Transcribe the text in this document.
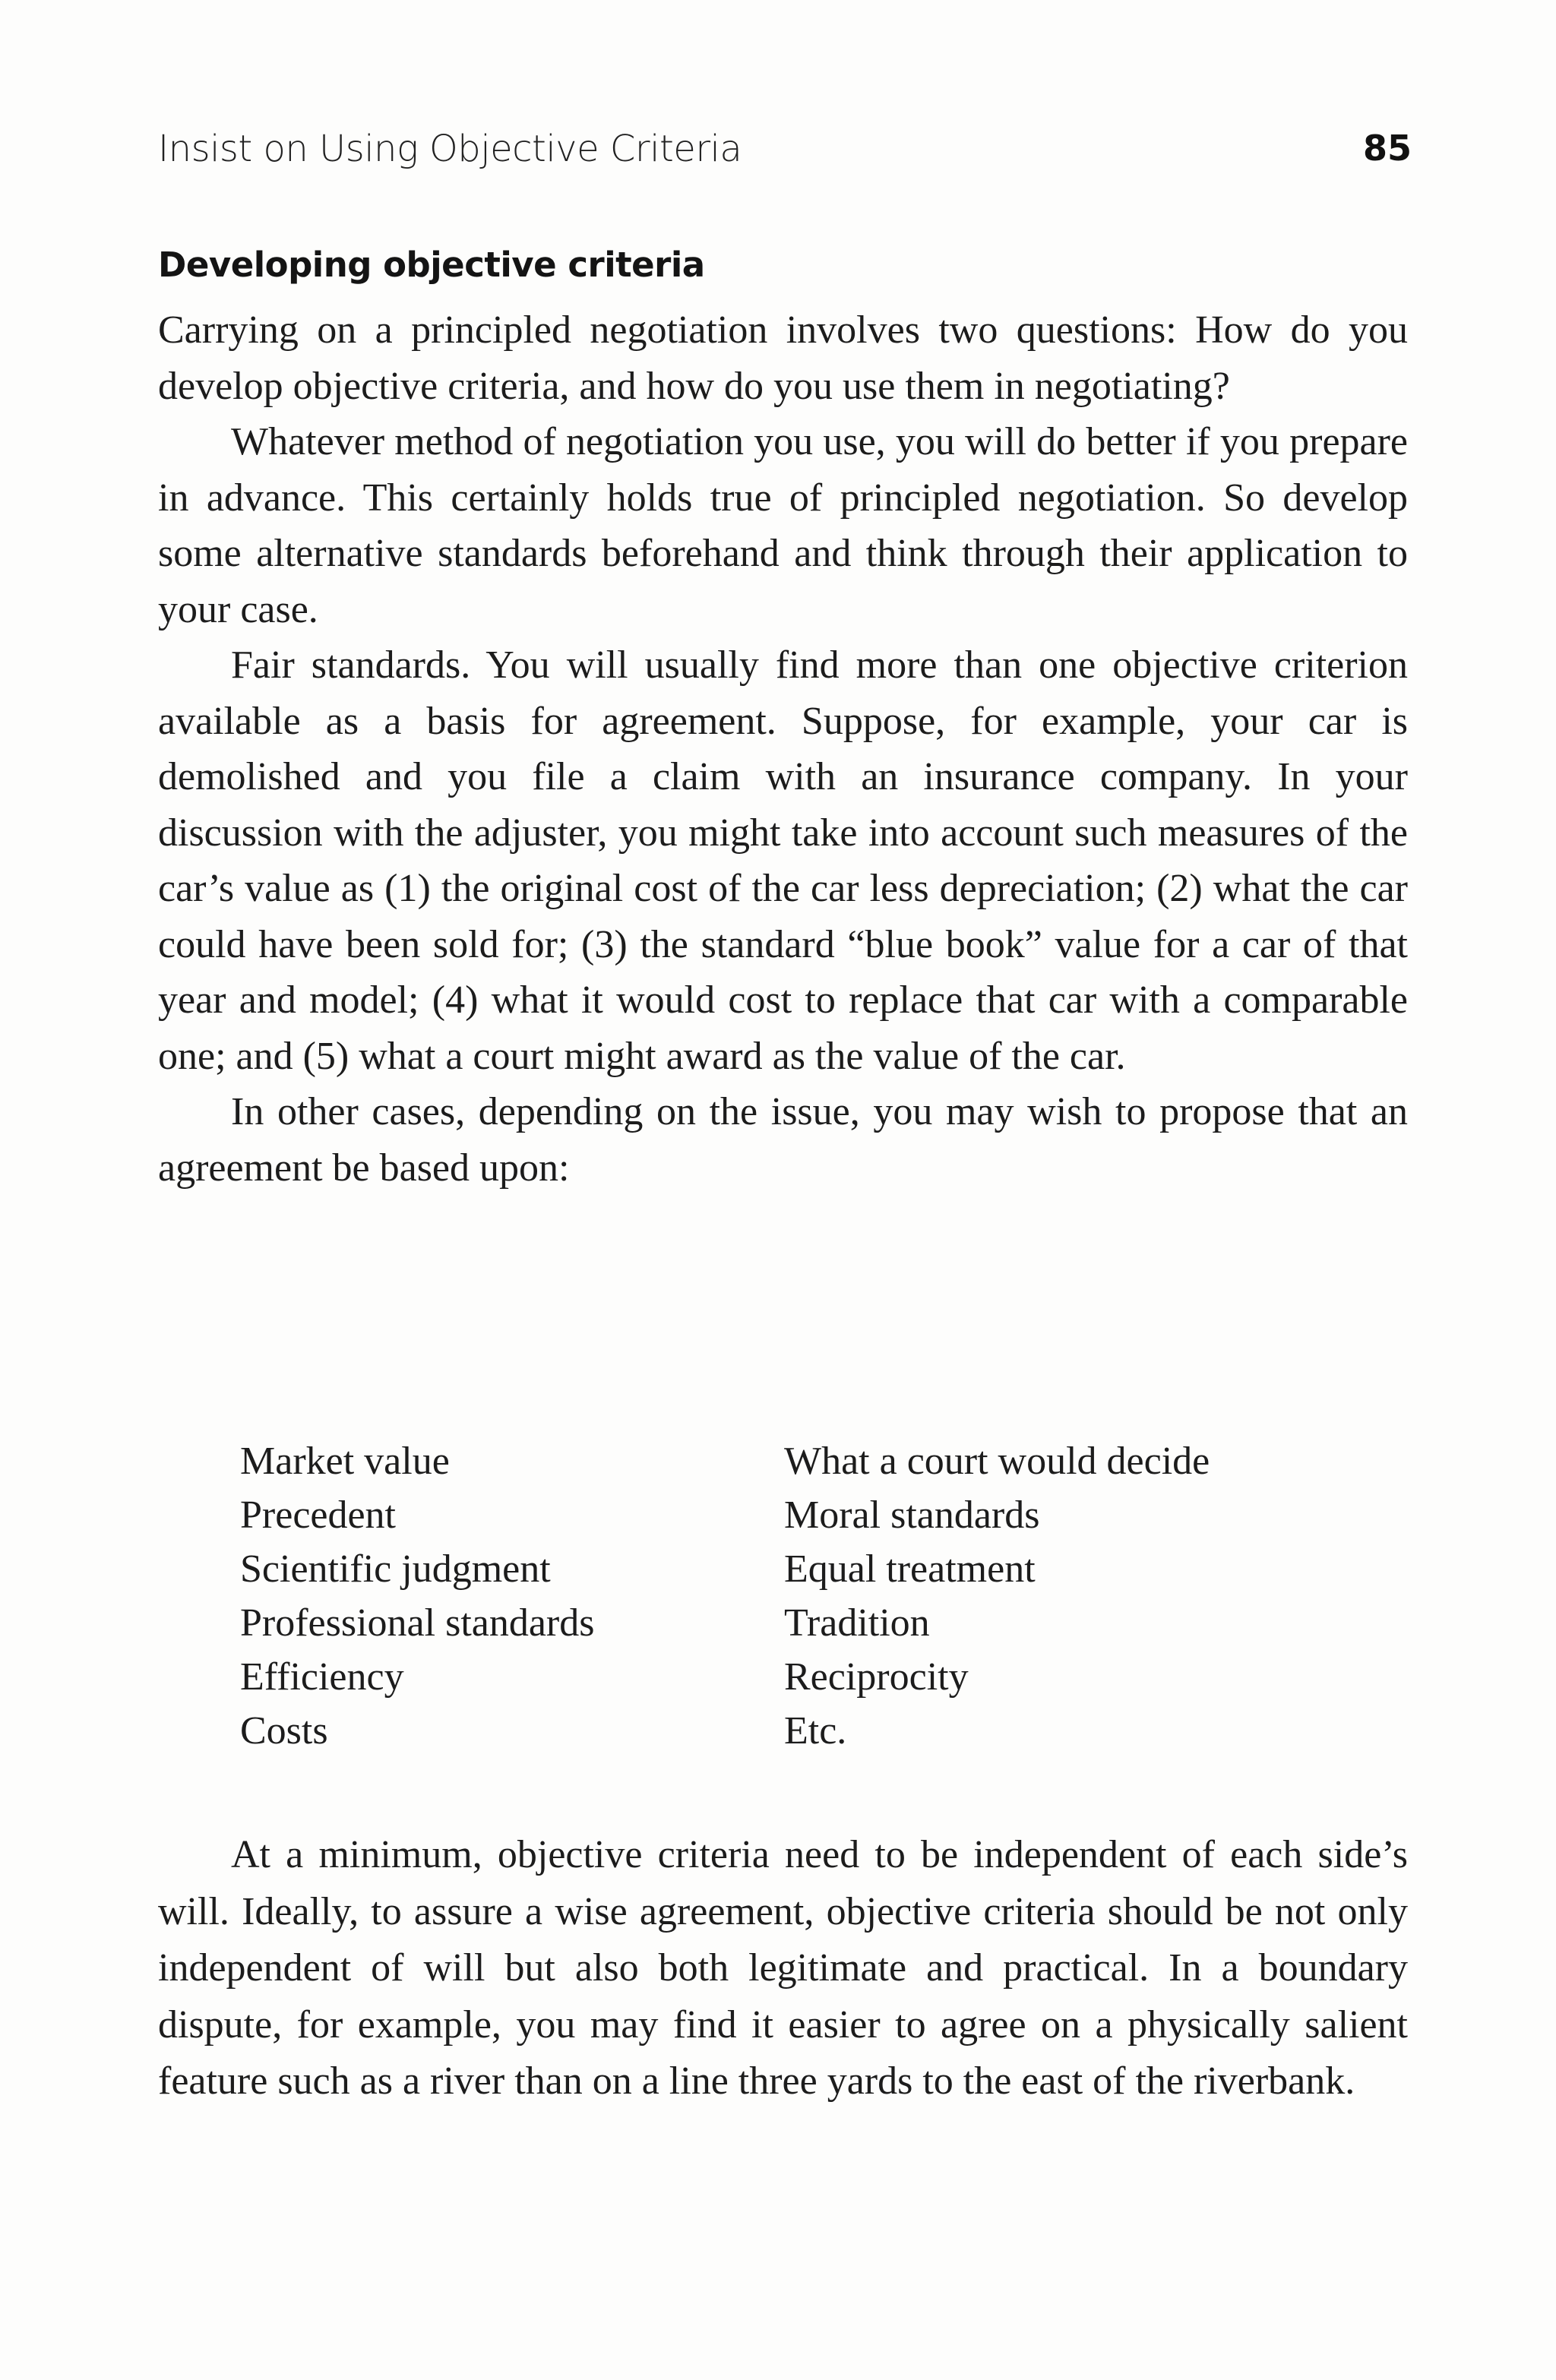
Insist on Using Objective Criteria	85
Developing objective criteria

Carrying on a principled negotiation involves two questions: How do you develop objective criteria, and how do you use them in negotiating?

Whatever method of negotiation you use, you will do better if you prepare in advance. This certainly holds true of principled negotiation. So develop some alternative standards beforehand and think through their application to your case.

Fair standards. You will usually find more than one objective criterion available as a basis for agreement. Suppose, for example, your car is demolished and you file a claim with an insurance company. In your discussion with the adjuster, you might take into account such measures of the car’s value as (1) the original cost of the car less depreciation; (2) what the car could have been sold for; (3) the standard “blue book” value for a car of that year and model; (4) what it would cost to replace that car with a comparable one; and (5) what a court might award as the value of the car.

In other cases, depending on the issue, you may wish to propose that an agreement be based upon:

Market value
Precedent
Scientific judgment
Professional standards
Efficiency
Costs
What a court would decide
Moral standards
Equal treatment
Tradition
Reciprocity
Etc.

At a minimum, objective criteria need to be independent of each side’s will. Ideally, to assure a wise agreement, objective criteria should be not only independent of will but also both legitimate and practical. In a boundary dispute, for example, you may find it easier to agree on a physically salient feature such as a river than on a line three yards to the east of the riverbank.
